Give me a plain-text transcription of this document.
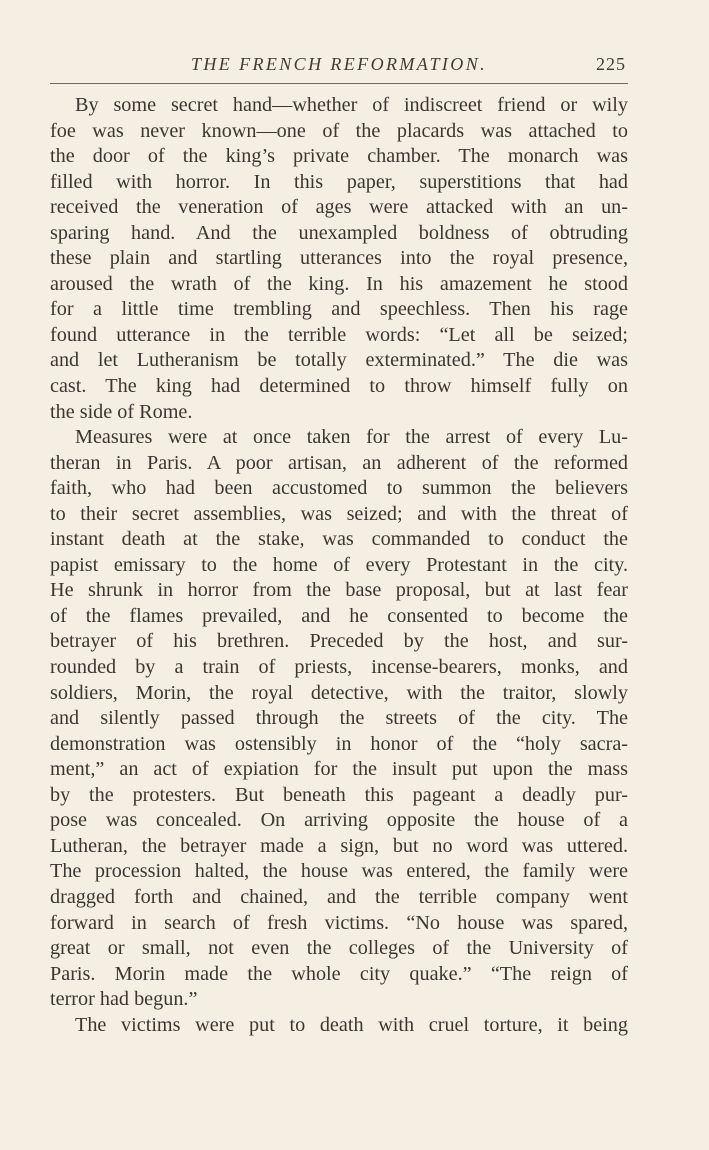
THE FRENCH REFORMATION.	225

By some secret hand—whether of indiscreet friend or wily
foe was never known—one of the placards was attached to
the door of the king’s private chamber. The monarch was
filled with horror. In this paper, superstitions that had
received the veneration of ages were attacked with an un-
sparing hand. And the unexampled boldness of obtruding
these plain and startling utterances into the royal presence,
aroused the wrath of the king. In his amazement he stood
for a little time trembling and speechless. Then his rage
found utterance in the terrible words: “Let all be seized;
and let Lutheranism be totally exterminated.” The die was
cast. The king had determined to throw himself fully on
the side of Rome.

Measures were at once taken for the arrest of every Lu-
theran in Paris. A poor artisan, an adherent of the reformed
faith, who had been accustomed to summon the believers
to their secret assemblies, was seized; and with the threat of
instant death at the stake, was commanded to conduct the
papist emissary to the home of every Protestant in the city.
He shrunk in horror from the base proposal, but at last fear
of the flames prevailed, and he consented to become the
betrayer of his brethren. Preceded by the host, and sur-
rounded by a train of priests, incense-bearers, monks, and
soldiers, Morin, the royal detective, with the traitor, slowly
and silently passed through the streets of the city. The
demonstration was ostensibly in honor of the “holy sacra-
ment,” an act of expiation for the insult put upon the mass
by the protesters. But beneath this pageant a deadly pur-
pose was concealed. On arriving opposite the house of a
Lutheran, the betrayer made a sign, but no word was uttered.
The procession halted, the house was entered, the family were
dragged forth and chained, and the terrible company went
forward in search of fresh victims. “No house was spared,
great or small, not even the colleges of the University of
Paris. Morin made the whole city quake.” “The reign of
terror had begun.”

The victims were put to death with cruel torture, it being
